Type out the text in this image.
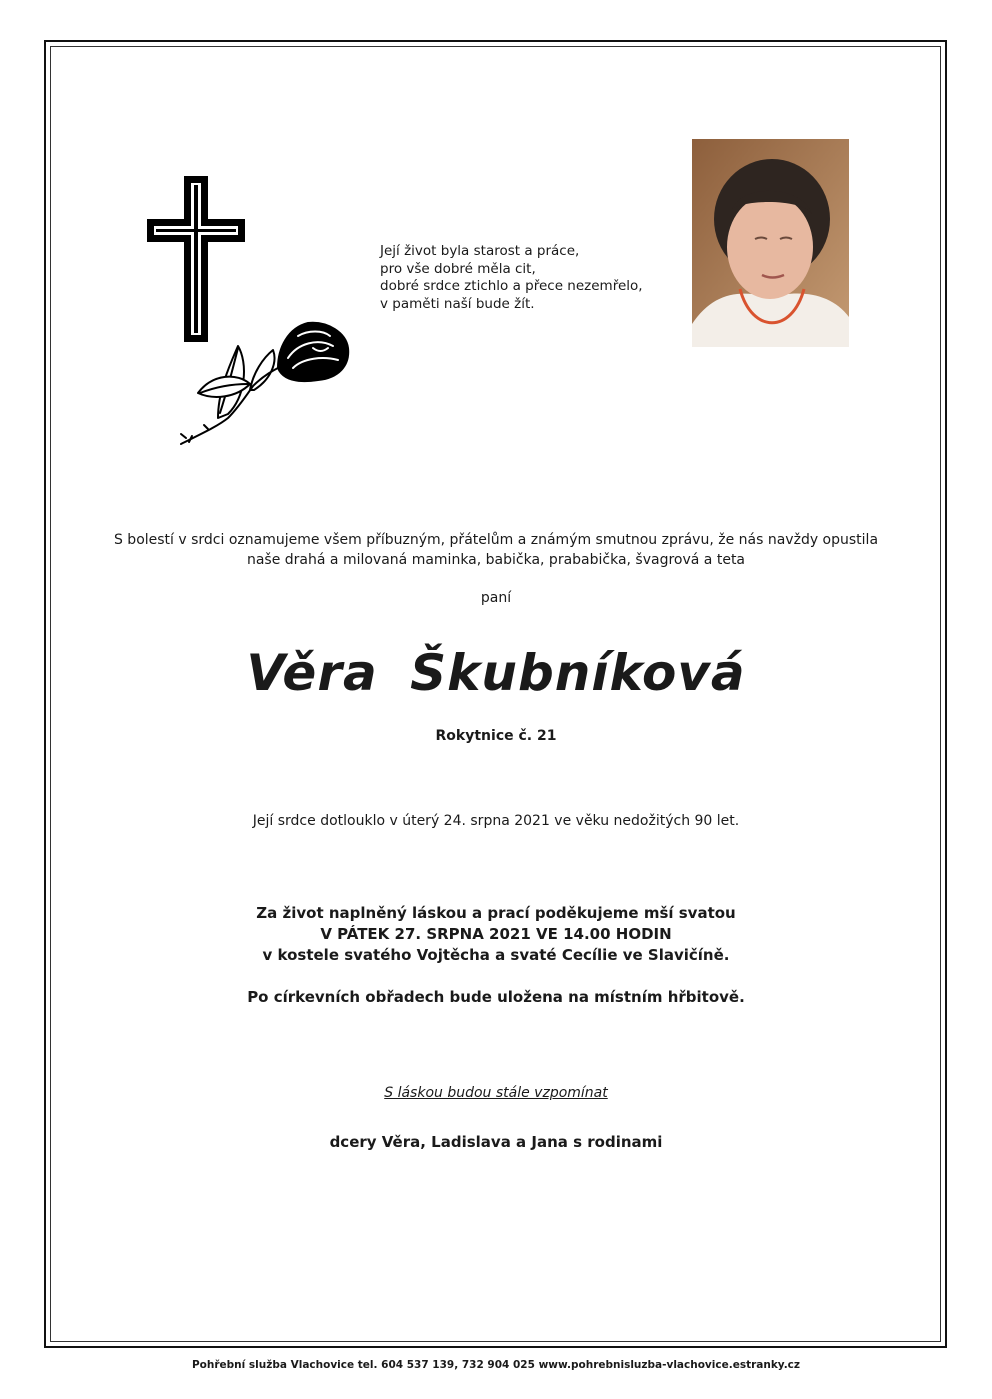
Její život byla starost a práce,
pro vše dobré měla cit,
dobré srdce ztichlo a přece nezemřelo,
v paměti naší bude žít.
S bolestí v srdci oznamujeme všem příbuzným, přátelům a známým smutnou zprávu, že nás navždy opustila
naše drahá a milovaná maminka, babička, prababička, švagrová a teta
paní
Věra Škubníková
Rokytnice č. 21
Její srdce dotlouklo v úterý 24. srpna 2021 ve věku nedožitých 90 let.
Za život naplněný láskou a prací poděkujeme mší svatou
V PÁTEK 27. SRPNA 2021 VE 14.00 HODIN
v kostele svatého Vojtěcha a svaté Cecílie ve Slavičíně.
Po církevních obřadech bude uložena na místním hřbitově.
S láskou budou stále vzpomínat
dcery Věra, Ladislava a Jana s rodinami
Pohřební služba Vlachovice tel. 604 537 139, 732 904 025 www.pohrebnisluzba-vlachovice.estranky.cz
